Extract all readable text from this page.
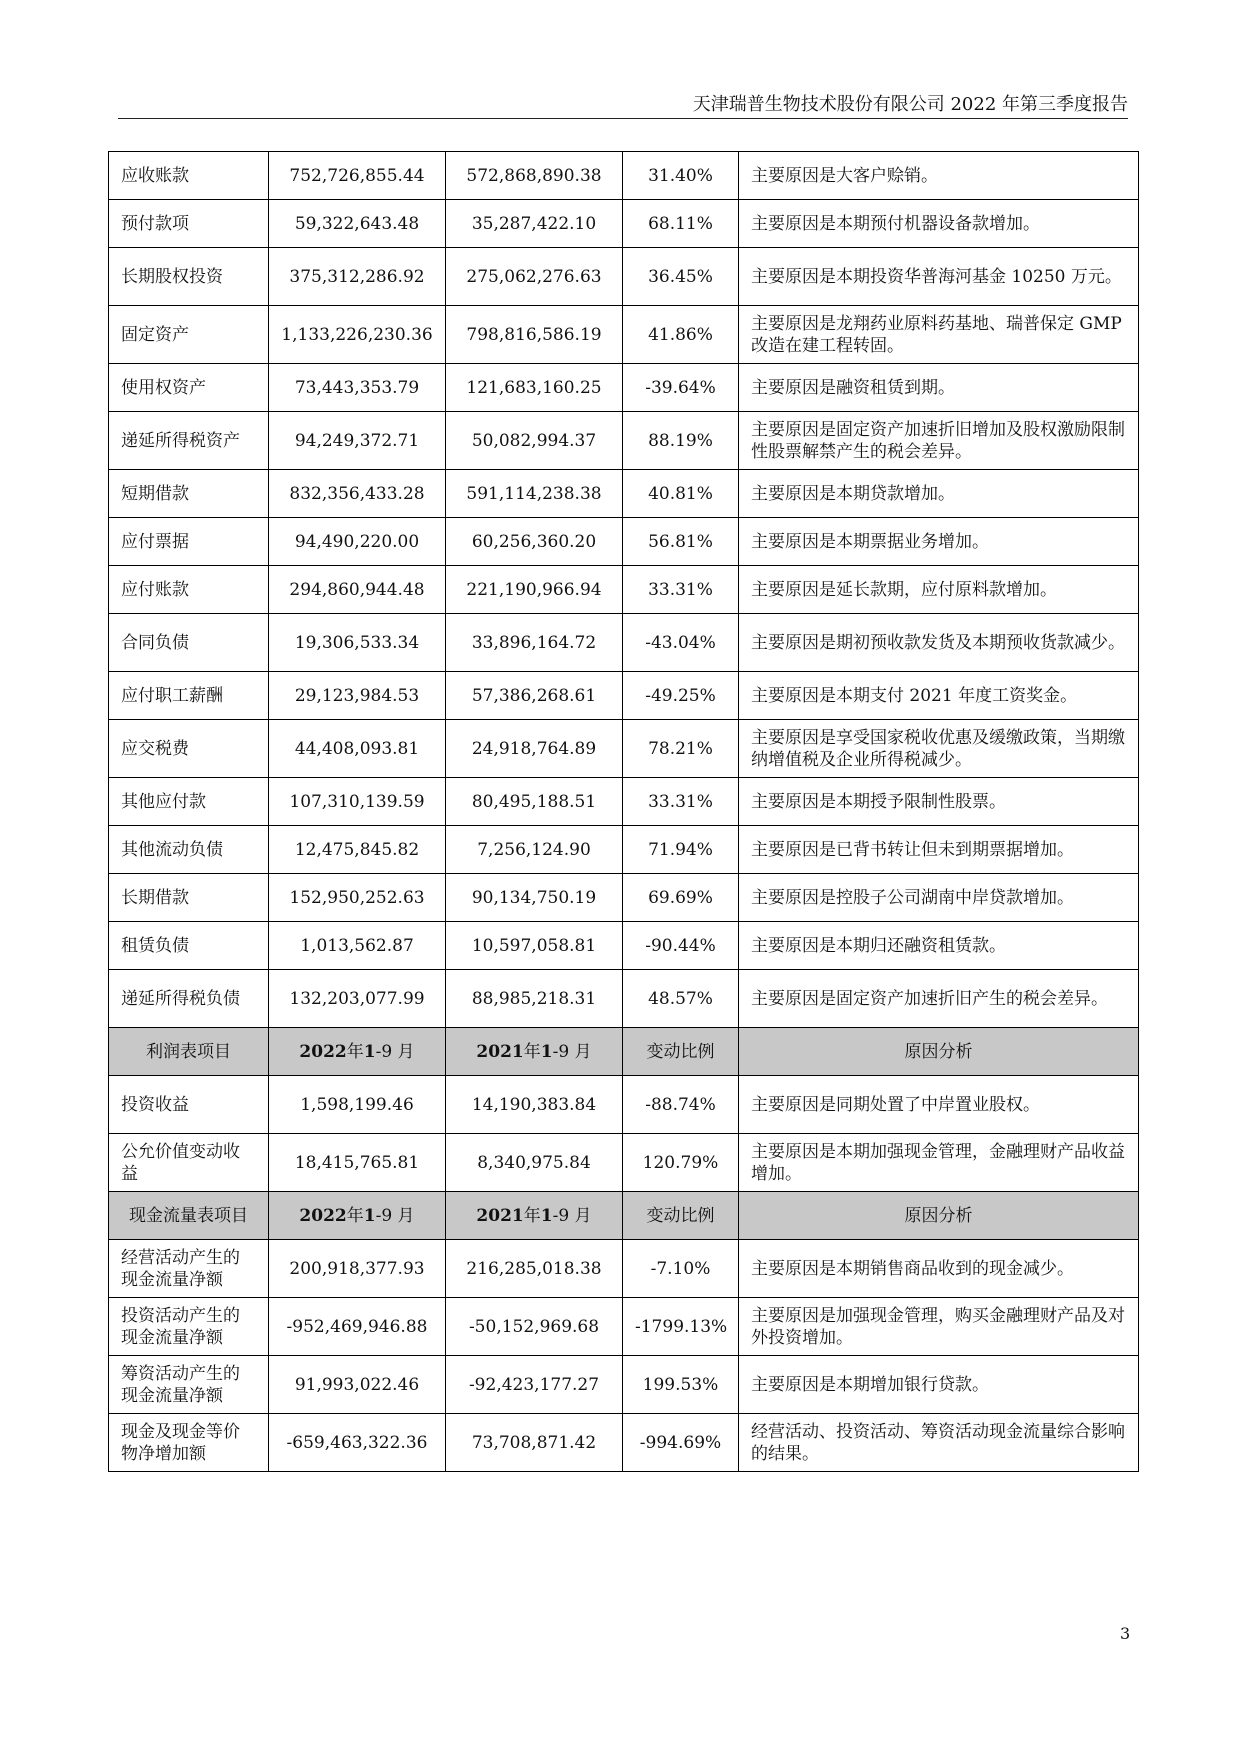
天津瑞普生物技术股份有限公司 2022 年第三季度报告
应收账款	752,726,855.44	572,868,890.38	31.40%	主要原因是大客户赊销。
预付款项	59,322,643.48	35,287,422.10	68.11%	主要原因是本期预付机器设备款增加。
长期股权投资	375,312,286.92	275,062,276.63	36.45%	主要原因是本期投资华普海河基金 10250 万元。
固定资产	1,133,226,230.36	798,816,586.19	41.86%	主要原因是龙翔药业原料药基地、瑞普保定 GMP 改造在建工程转固。
使用权资产	73,443,353.79	121,683,160.25	-39.64%	主要原因是融资租赁到期。
递延所得税资产	94,249,372.71	50,082,994.37	88.19%	主要原因是固定资产加速折旧增加及股权激励限制性股票解禁产生的税会差异。
短期借款	832,356,433.28	591,114,238.38	40.81%	主要原因是本期贷款增加。
应付票据	94,490,220.00	60,256,360.20	56.81%	主要原因是本期票据业务增加。
应付账款	294,860,944.48	221,190,966.94	33.31%	主要原因是延长款期，应付原料款增加。
合同负债	19,306,533.34	33,896,164.72	-43.04%	主要原因是期初预收款发货及本期预收货款减少。
应付职工薪酬	29,123,984.53	57,386,268.61	-49.25%	主要原因是本期支付 2021 年度工资奖金。
应交税费	44,408,093.81	24,918,764.89	78.21%	主要原因是享受国家税收优惠及缓缴政策，当期缴纳增值税及企业所得税减少。
其他应付款	107,310,139.59	80,495,188.51	33.31%	主要原因是本期授予限制性股票。
其他流动负债	12,475,845.82	7,256,124.90	71.94%	主要原因是已背书转让但未到期票据增加。
长期借款	152,950,252.63	90,134,750.19	69.69%	主要原因是控股子公司湖南中岸贷款增加。
租赁负债	1,013,562.87	10,597,058.81	-90.44%	主要原因是本期归还融资租赁款。
递延所得税负债	132,203,077.99	88,985,218.31	48.57%	主要原因是固定资产加速折旧产生的税会差异。
利润表项目	2022年1-9 月	2021年1-9 月	变动比例	原因分析
投资收益	1,598,199.46	14,190,383.84	-88.74%	主要原因是同期处置了中岸置业股权。
公允价值变动收益	18,415,765.81	8,340,975.84	120.79%	主要原因是本期加强现金管理，金融理财产品收益增加。
现金流量表项目	2022年1-9 月	2021年1-9 月	变动比例	原因分析
经营活动产生的现金流量净额	200,918,377.93	216,285,018.38	-7.10%	主要原因是本期销售商品收到的现金减少。
投资活动产生的现金流量净额	-952,469,946.88	-50,152,969.68	-1799.13%	主要原因是加强现金管理，购买金融理财产品及对外投资增加。
筹资活动产生的现金流量净额	91,993,022.46	-92,423,177.27	199.53%	主要原因是本期增加银行贷款。
现金及现金等价物净增加额	-659,463,322.36	73,708,871.42	-994.69%	经营活动、投资活动、筹资活动现金流量综合影响的结果。
3
